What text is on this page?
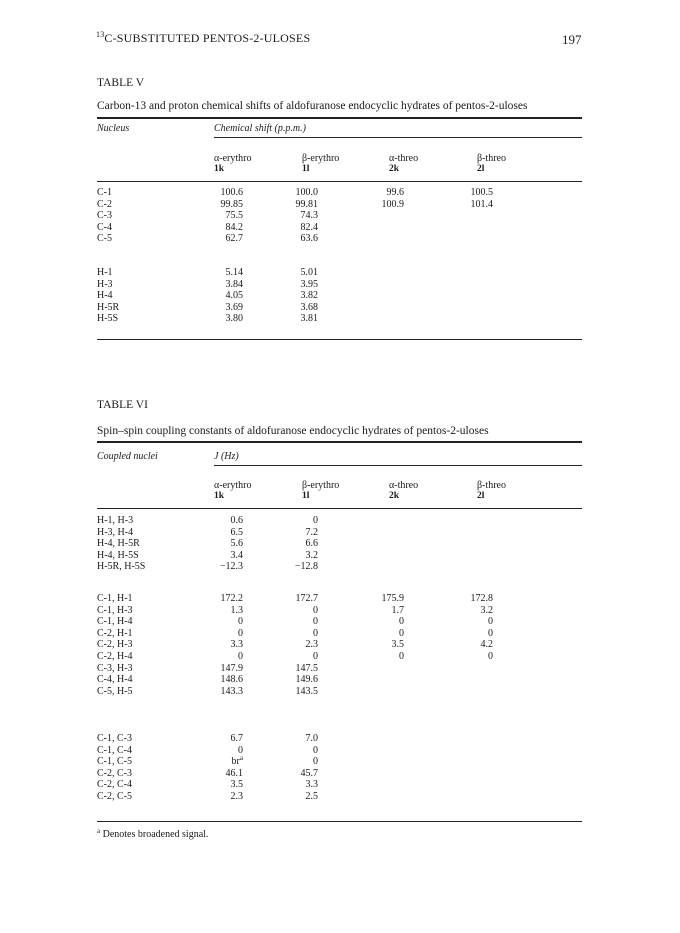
$^{13}$C-SUBSTITUTED PENTOS-2-ULOSES	197
TABLE V
Carbon-13 and proton chemical shifts of aldofuranose endocyclic hydrates of pentos-2-uloses
Nucleus	Chemical shift (p.p.m.)
α-erythro
1k
β-erythro
1l
α-threo
2k
β-threo
2l
C-1	100.6	100.0	99.6	100.5
C-2	99.85	99.81	100.9	101.4
C-3	75.5	74.3
C-4	84.2	82.4
C-5	62.7	63.6
H-1	5.14	5.01
H-3	3.84	3.95
H-4	4.05	3.82
H-5R	3.69	3.68
H-5S	3.80	3.81
TABLE VI
Spin–spin coupling constants of aldofuranose endocyclic hydrates of pentos-2-uloses
Coupled nuclei	J (Hz)
α-erythro
1k
β-erythro
1l
α-threo
2k
β-threo
2l
H-1, H-3	0.6	0
H-3, H-4	6.5	7.2
H-4, H-5R	5.6	6.6
H-4, H-5S	3.4	3.2
H-5R, H-5S	−12.3	−12.8
C-1, H-1	172.2	172.7	175.9	172.8
C-1, H-3	1.3	0	1.7	3.2
C-1, H-4	0	0	0	0
C-2, H-1	0	0	0	0
C-2, H-3	3.3	2.3	3.5	4.2
C-2, H-4	0	0	0	0
C-3, H-3	147.9	147.5
C-4, H-4	148.6	149.6
C-5, H-5	143.3	143.5
C-1, C-3	6.7	7.0
C-1, C-4	0	0
C-1, C-5	$br^a$	0
C-2, C-3	46.1	45.7
C-2, C-4	3.5	3.3
C-2, C-5	2.3	2.5
$^a$ Denotes broadened signal.
